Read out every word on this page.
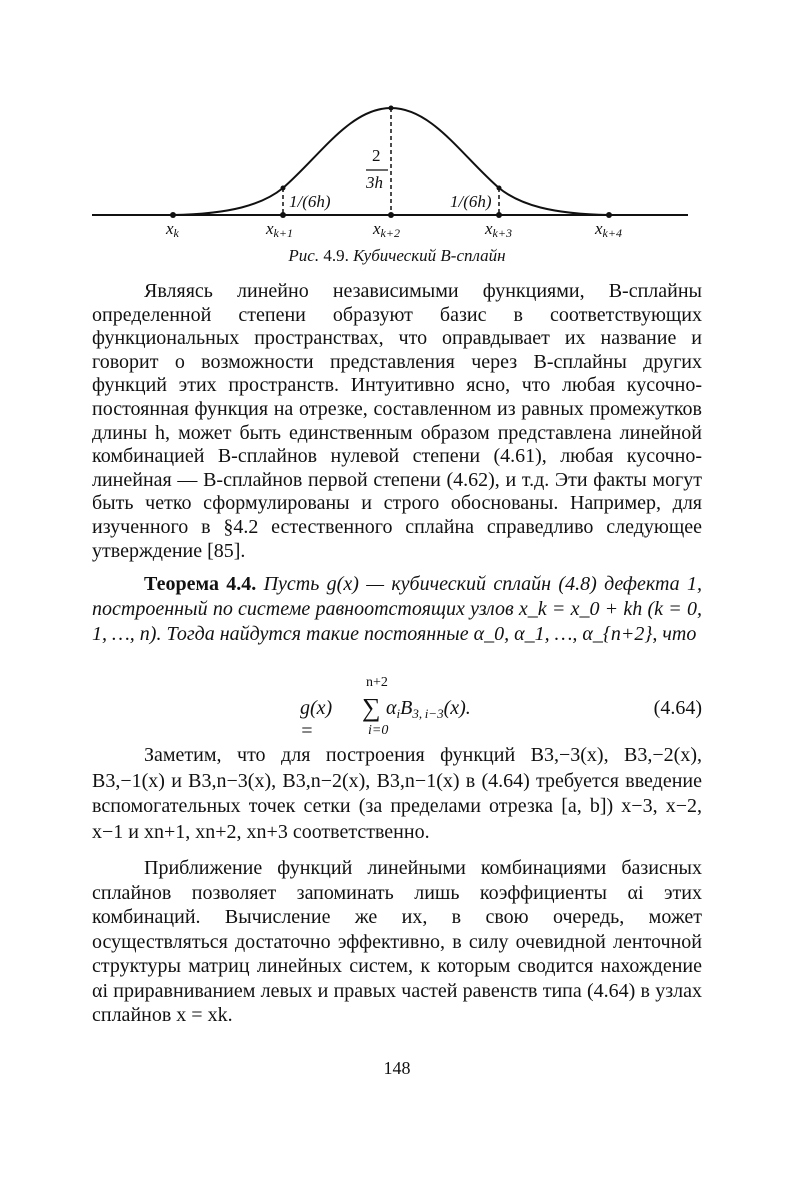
2
3h
1/(6h)	1/(6h)
$x_k$	$x_{k+1}$	$x_{k+2}$	$x_{k+3}$	$x_{k+4}$
Рис. 4.9. Кубический B-сплайн

Являясь линейно независимыми функциями, B-сплайны определенной степени образуют базис в соответствующих функциональных пространствах, что оправдывает их название и говорит о возможности представления через B-сплайны других функций этих пространств. Интуитивно ясно, что любая кусочно-постоянная функция на отрезке, составленном из равных промежутков длины h, может быть единственным образом представлена линейной комбинацией B-сплайнов нулевой степени (4.61), любая кусочно-линейная — B-сплайнов первой степени (4.62), и т.д. Эти факты могут быть четко сформулированы и строго обоснованы. Например, для изученного в §4.2 естественного сплайна справедливо следующее утверждение [85].

Теорема 4.4. Пусть g(x) — кубический сплайн (4.8) дефекта 1, построенный по системе равноотстоящих узлов x_k = x_0 + kh (k = 0, 1, …, n). Тогда найдутся такие постоянные α_0, α_1, …, α_{n+2}, что

g(x) =
n+2
∑
i=0
$\alpha_iB_{3, i-3}(x)$.	(4.64)

Заметим, что для построения функций B3,−3(x), B3,−2(x), B3,−1(x) и B3,n−3(x), B3,n−2(x), B3,n−1(x) в (4.64) требуется введение вспомогательных точек сетки (за пределами отрезка [a, b]) x−3, x−2, x−1 и xn+1, xn+2, xn+3 соответственно.

Приближение функций линейными комбинациями базисных сплайнов позволяет запоминать лишь коэффициенты αi этих комбинаций. Вычисление же их, в свою очередь, может осуществляться достаточно эффективно, в силу очевидной ленточной структуры матриц линейных систем, к которым сводится нахождение αi приравниванием левых и правых частей равенств типа (4.64) в узлах сплайнов x = xk.

148
